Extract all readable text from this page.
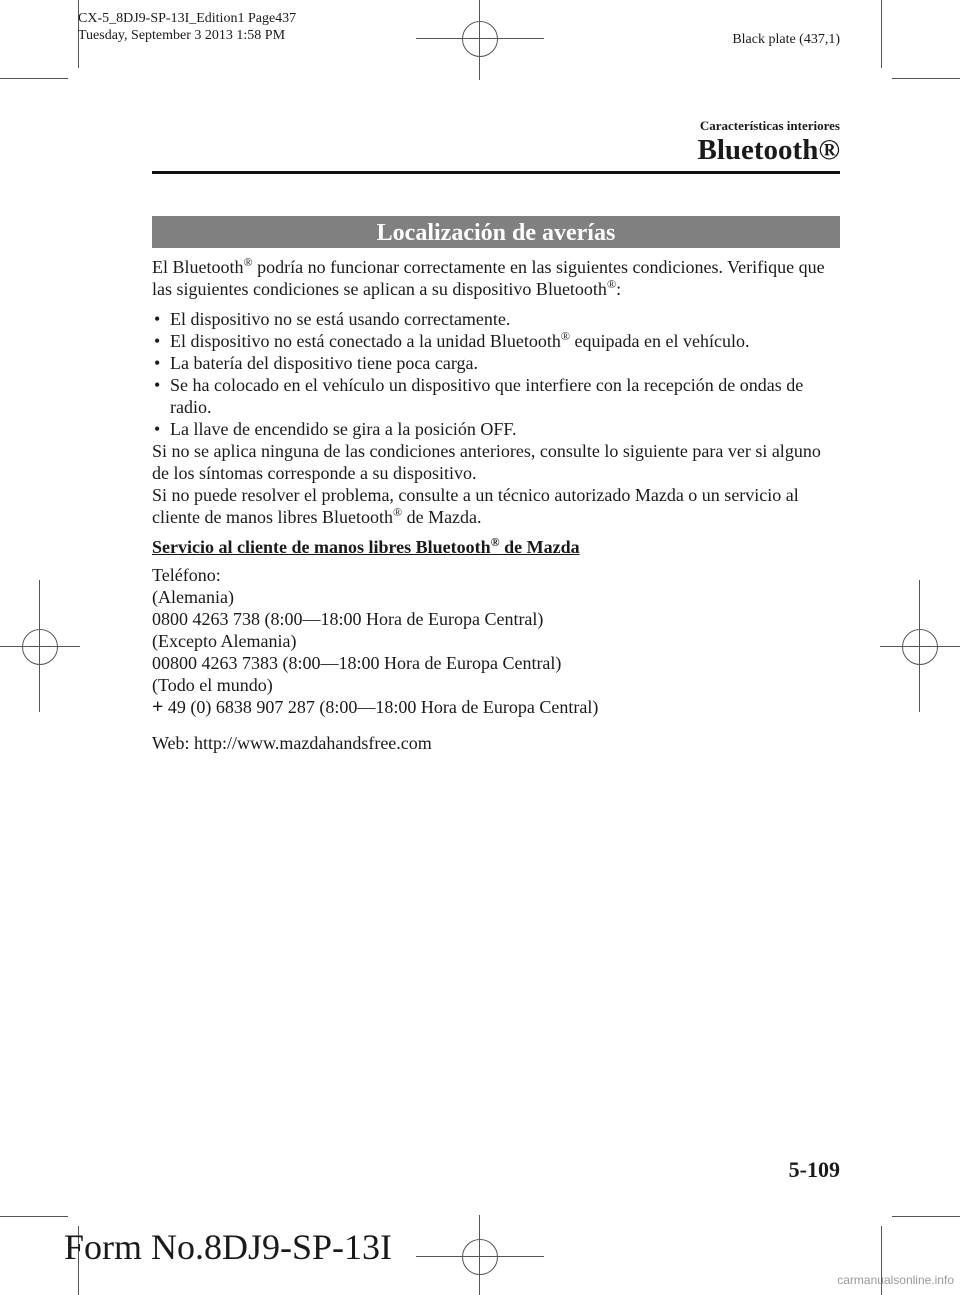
CX-5_8DJ9-SP-13I_Edition1 Page437
Tuesday, September 3 2013 1:58 PM	Black plate (437,1)
Características interiores
Bluetooth®
Localización de averías

El Bluetooth® podría no funcionar correctamente en las siguientes condiciones. Verifique que las siguientes condiciones se aplican a su dispositivo Bluetooth®:

• El dispositivo no se está usando correctamente.

• El dispositivo no está conectado a la unidad Bluetooth® equipada en el vehículo.

• La batería del dispositivo tiene poca carga.

• Se ha colocado en el vehículo un dispositivo que interfiere con la recepción de ondas de radio.

• La llave de encendido se gira a la posición OFF.

Si no se aplica ninguna de las condiciones anteriores, consulte lo siguiente para ver si alguno de los síntomas corresponde a su dispositivo.

Si no puede resolver el problema, consulte a un técnico autorizado Mazda o un servicio al cliente de manos libres Bluetooth® de Mazda.

Servicio al cliente de manos libres Bluetooth® de Mazda

Teléfono:

(Alemania)

0800 4263 738 (8:00―18:00 Hora de Europa Central)

(Excepto Alemania)

00800 4263 7383 (8:00―18:00 Hora de Europa Central)

(Todo el mundo)

+ 49 (0) 6838 907 287 (8:00―18:00 Hora de Europa Central)

Web: http://www.mazdahandsfree.com

5-109
Form No.8DJ9-SP-13I
carmanualsonline.info
